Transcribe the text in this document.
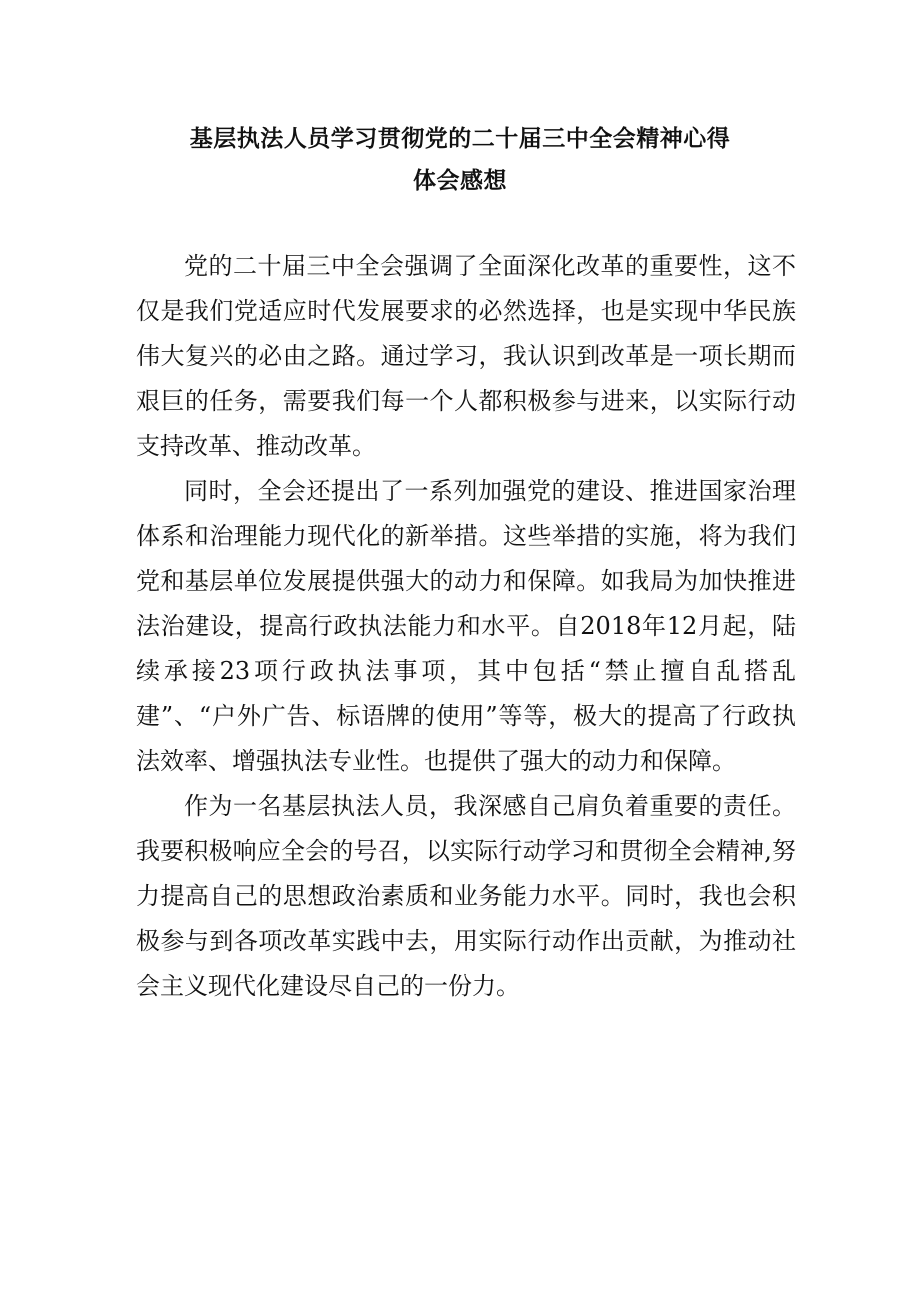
基层执法人员学习贯彻党的二十届三中全会精神心得
体会感想

党的二十届三中全会强调了全面深化改革的重要性，这不仅是我们党适应时代发展要求的必然选择，也是实现中华民族伟大复兴的必由之路。通过学习，我认识到改革是一项长期而艰巨的任务，需要我们每一个人都积极参与进来，以实际行动支持改革、推动改革。

同时，全会还提出了一系列加强党的建设、推进国家治理体系和治理能力现代化的新举措。这些举措的实施，将为我们党和基层单位发展提供强大的动力和保障。如我局为加快推进法治建设，提高行政执法能力和水平。自2018年12月起，陆续承接23项行政执法事项，其中包括“禁止擅自乱搭乱建”、“户外广告、标语牌的使用”等等，极大的提高了行政执法效率、增强执法专业性。也提供了强大的动力和保障。

作为一名基层执法人员，我深感自己肩负着重要的责任。我要积极响应全会的号召，以实际行动学习和贯彻全会精神,努力提高自己的思想政治素质和业务能力水平。同时，我也会积极参与到各项改革实践中去，用实际行动作出贡献，为推动社会主义现代化建设尽自己的一份力。
